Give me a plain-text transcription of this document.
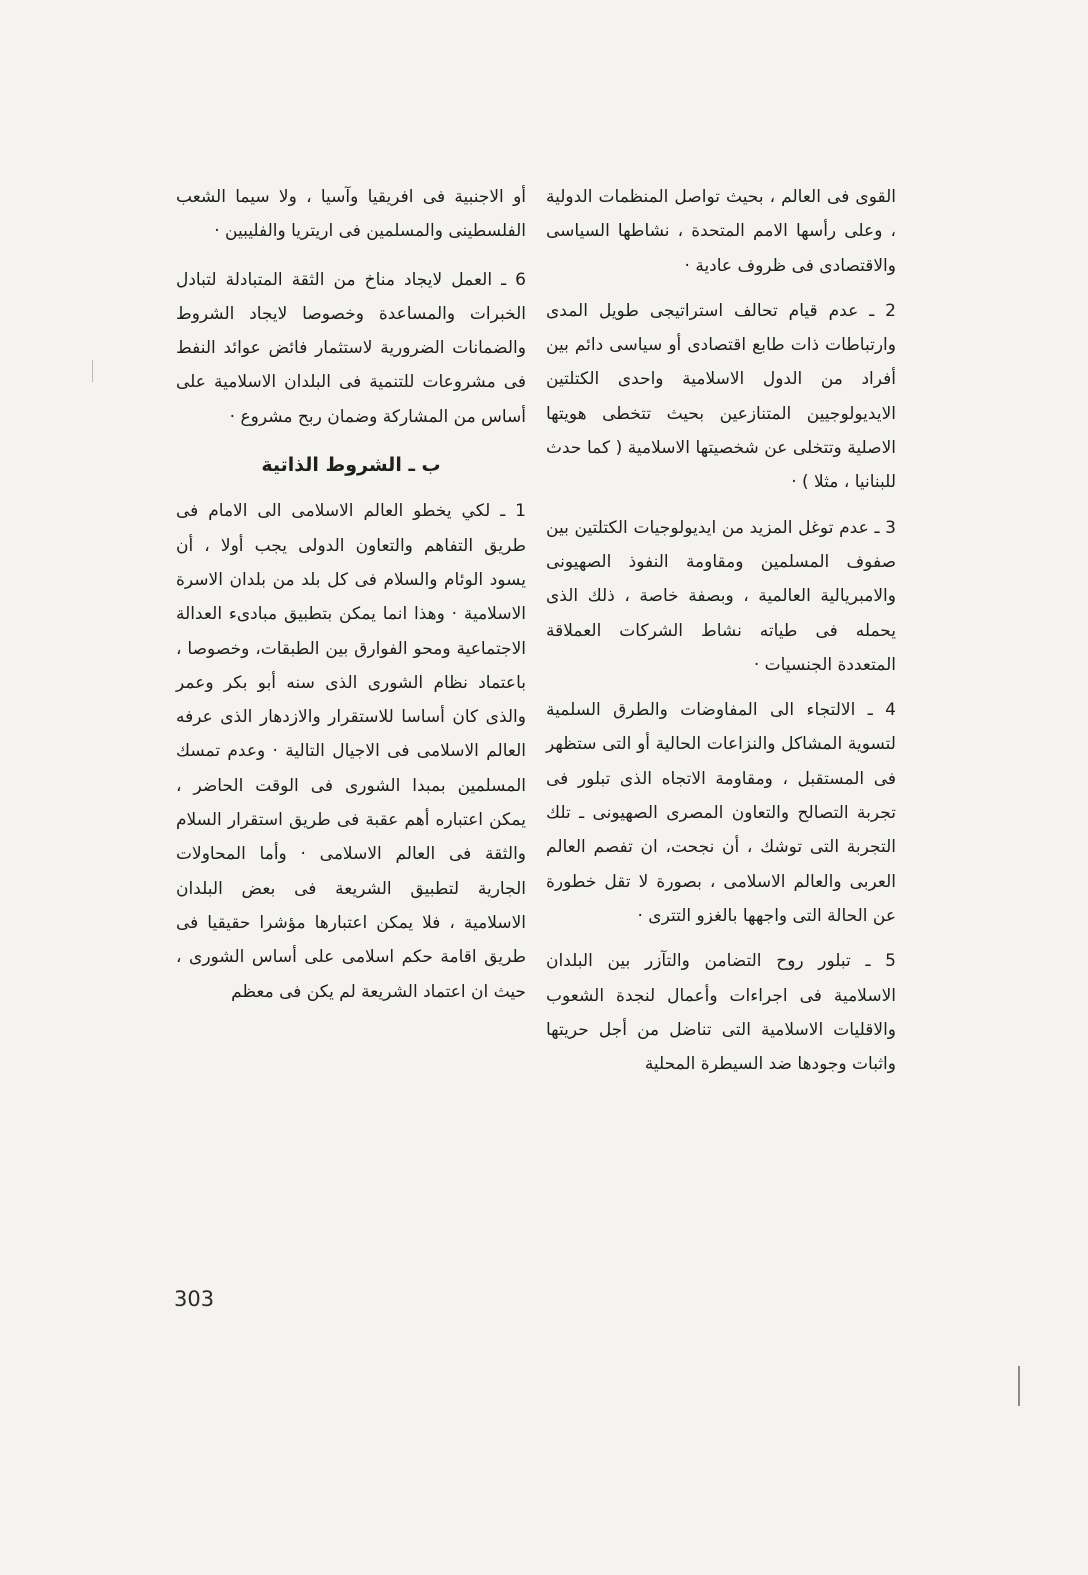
القوى فى العالم ، بحيث تواصل المنظمات الدولية ، وعلى رأسها الامم المتحدة ، نشاطها السياسى والاقتصادى فى ظروف عادية ·

2 ـ عدم قيام تحالف استراتيجى طويل المدى وارتباطات ذات طابع اقتصادى أو سياسى دائم بين أفراد من الدول الاسلامية واحدى الكتلتين الايديولوجيين المتنازعين بحيث تتخطى هويتها الاصلية وتتخلى عن شخصيتها الاسلامية ( كما حدث للبنانيا ، مثلا ) ·

3 ـ عدم توغل المزيد من ايديولوجيات الكتلتين بين صفوف المسلمين ومقاومة النفوذ الصهيونى والامبريالية العالمية ، وبصفة خاصة ، ذلك الذى يحمله فى طياته نشاط الشركات العملاقة المتعددة الجنسيات ·

4 ـ الالتجاء الى المفاوضات والطرق السلمية لتسوية المشاكل والنزاعات الحالية أو التى ستظهر فى المستقبل ، ومقاومة الاتجاه الذى تبلور فى تجربة التصالح والتعاون المصرى الصهيونى ـ تلك التجربة التى توشك ، أن نجحت، ان تفصم العالم العربى والعالم الاسلامى ، بصورة لا تقل خطورة عن الحالة التى واجهها بالغزو التترى ·

5 ـ تبلور روح التضامن والتآزر بين البلدان الاسلامية فى اجراءات وأعمال لنجدة الشعوب والاقليات الاسلامية التى تناضل من أجل حريتها واثبات وجودها ضد السيطرة المحلية

أو الاجنبية فى افريقيا وآسيا ، ولا سيما الشعب الفلسطينى والمسلمين فى اريتريا والفليبين ·

6 ـ العمل لايجاد مناخ من الثقة المتبادلة لتبادل الخبرات والمساعدة وخصوصا لايجاد الشروط والضمانات الضرورية لاستثمار فائض عوائد النفط فى مشروعات للتنمية فى البلدان الاسلامية على أساس من المشاركة وضمان ربح مشروع ·

ب ـ الشروط الذاتية

1 ـ لكي يخطو العالم الاسلامى الى الامام فى طريق التفاهم والتعاون الدولى يجب أولا ، أن يسود الوئام والسلام فى كل بلد من بلدان الاسرة الاسلامية · وهذا انما يمكن بتطبيق مبادىء العدالة الاجتماعية ومحو الفوارق بين الطبقات، وخصوصا ، باعتماد نظام الشورى الذى سنه أبو بكر وعمر والذى كان أساسا للاستقرار والازدهار الذى عرفه العالم الاسلامى فى الاجيال التالية · وعدم تمسك المسلمين بمبدا الشورى فى الوقت الحاضر ، يمكن اعتباره أهم عقبة فى طريق استقرار السلام والثقة فى العالم الاسلامى · وأما المحاولات الجارية لتطبيق الشريعة فى بعض البلدان الاسلامية ، فلا يمكن اعتبارها مؤشرا حقيقيا فى طريق اقامة حكم اسلامى على أساس الشورى ، حيث ان اعتماد الشريعة لم يكن فى معظم

303
